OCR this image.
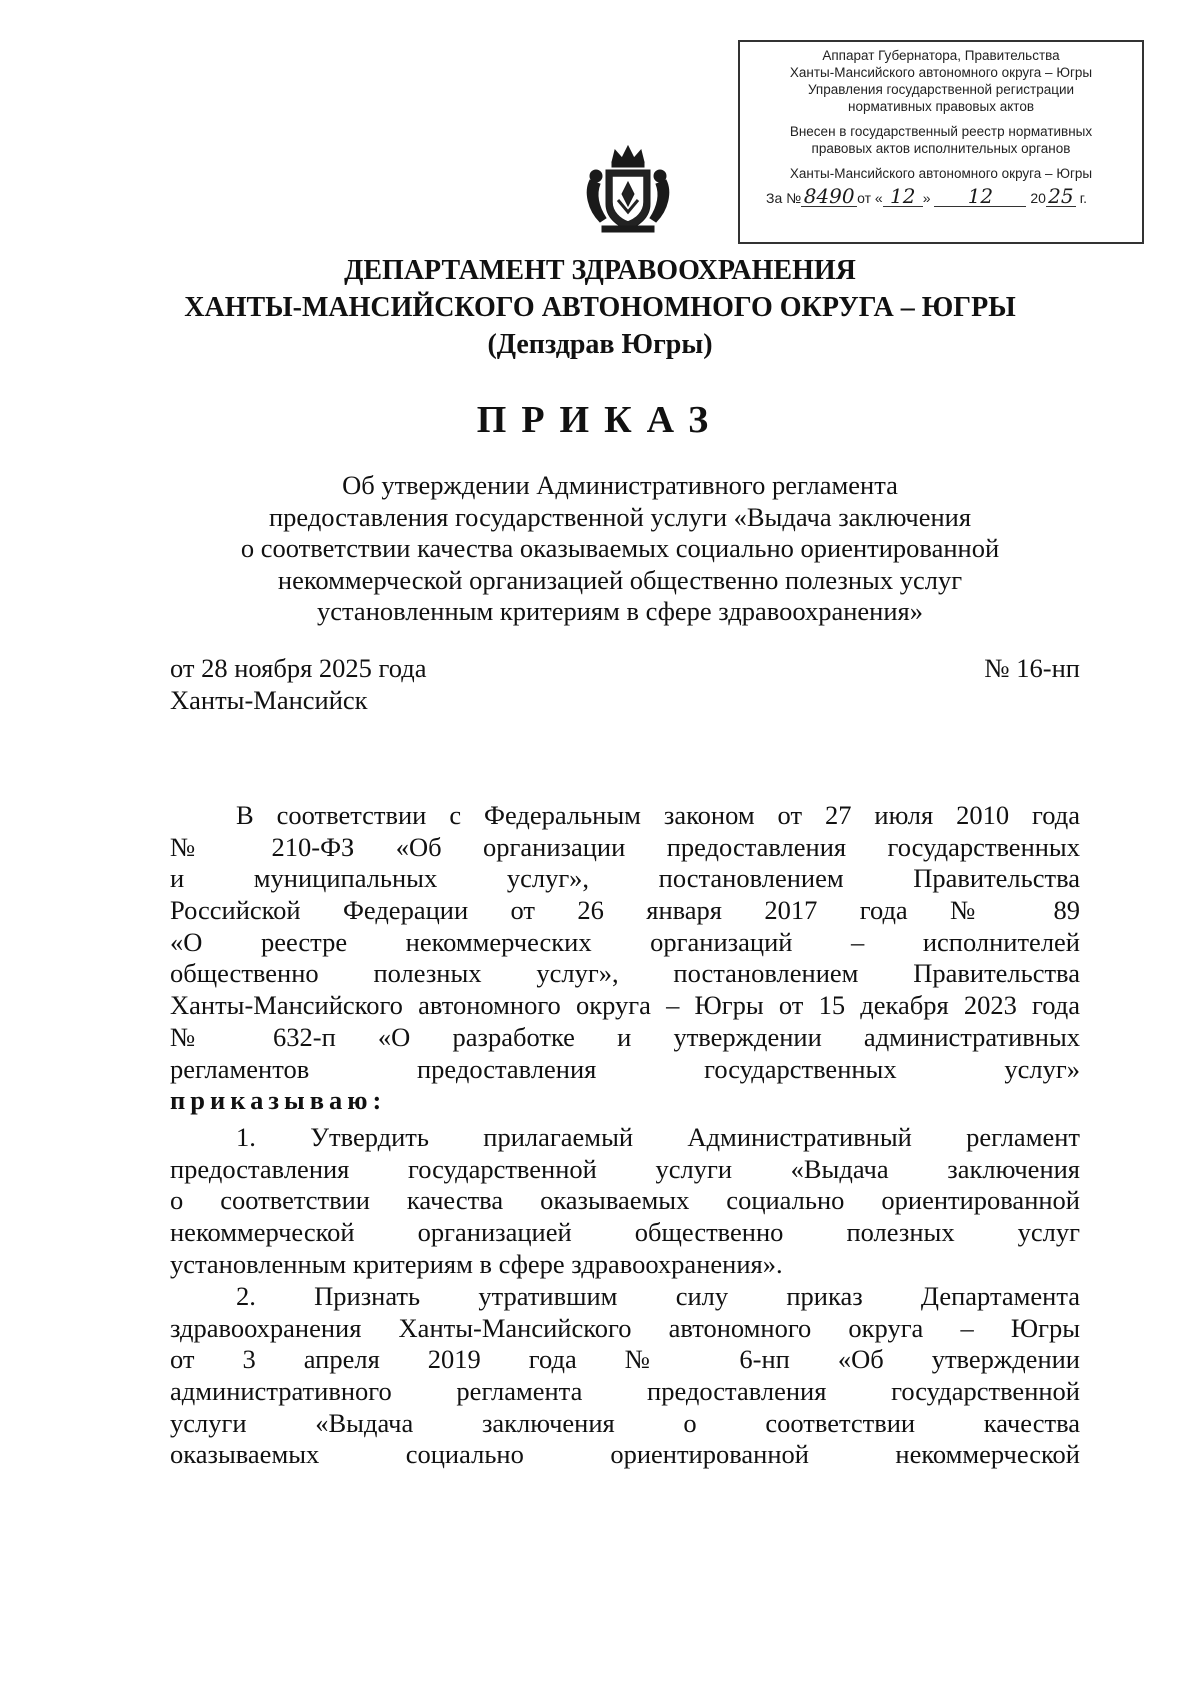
Аппарат Губернатора, Правительства
Ханты-Мансийского автономного округа – Югры
Управления государственной регистрации
нормативных правовых актов
Внесен в государственный реестр нормативных
правовых актов исполнительных органов
Ханты-Мансийского автономного округа – Югры
За № 8490 от « 12 » 12	20 25 г.
ДЕПАРТАМЕНТ ЗДРАВООХРАНЕНИЯ
ХАНТЫ-МАНСИЙСКОГО АВТОНОМНОГО ОКРУГА – ЮГРЫ
(Депздрав Югры)
ПРИКАЗ
Об утверждении Административного регламента
предоставления государственной услуги «Выдача заключения
о соответствии качества оказываемых социально ориентированной
некоммерческой организацией общественно полезных услуг
установленным критериям в сфере здравоохранения»
от 28 ноября 2025 года	№ 16-нп
Ханты-Мансийск
В соответствии с Федеральным законом от 27 июля 2010 года
№ 210-ФЗ «Об организации предоставления государственных
и муниципальных услуг», постановлением Правительства
Российской Федерации от 26 января 2017 года № 89
«О реестре некоммерческих организаций – исполнителей
общественно полезных услуг», постановлением Правительства
Ханты-Мансийского автономного округа – Югры от 15 декабря 2023 года
№ 632-п «О разработке и утверждении административных
регламентов предоставления государственных услуг»
приказываю:
1. Утвердить прилагаемый Административный регламент
предоставления государственной услуги «Выдача заключения
о соответствии качества оказываемых социально ориентированной
некоммерческой организацией общественно полезных услуг
установленным критериям в сфере здравоохранения».
2. Признать утратившим силу приказ Департамента
здравоохранения Ханты-Мансийского автономного округа – Югры
от 3 апреля 2019 года № 6-нп «Об утверждении
административного регламента предоставления государственной
услуги «Выдача заключения о соответствии качества
оказываемых социально ориентированной некоммерческой
